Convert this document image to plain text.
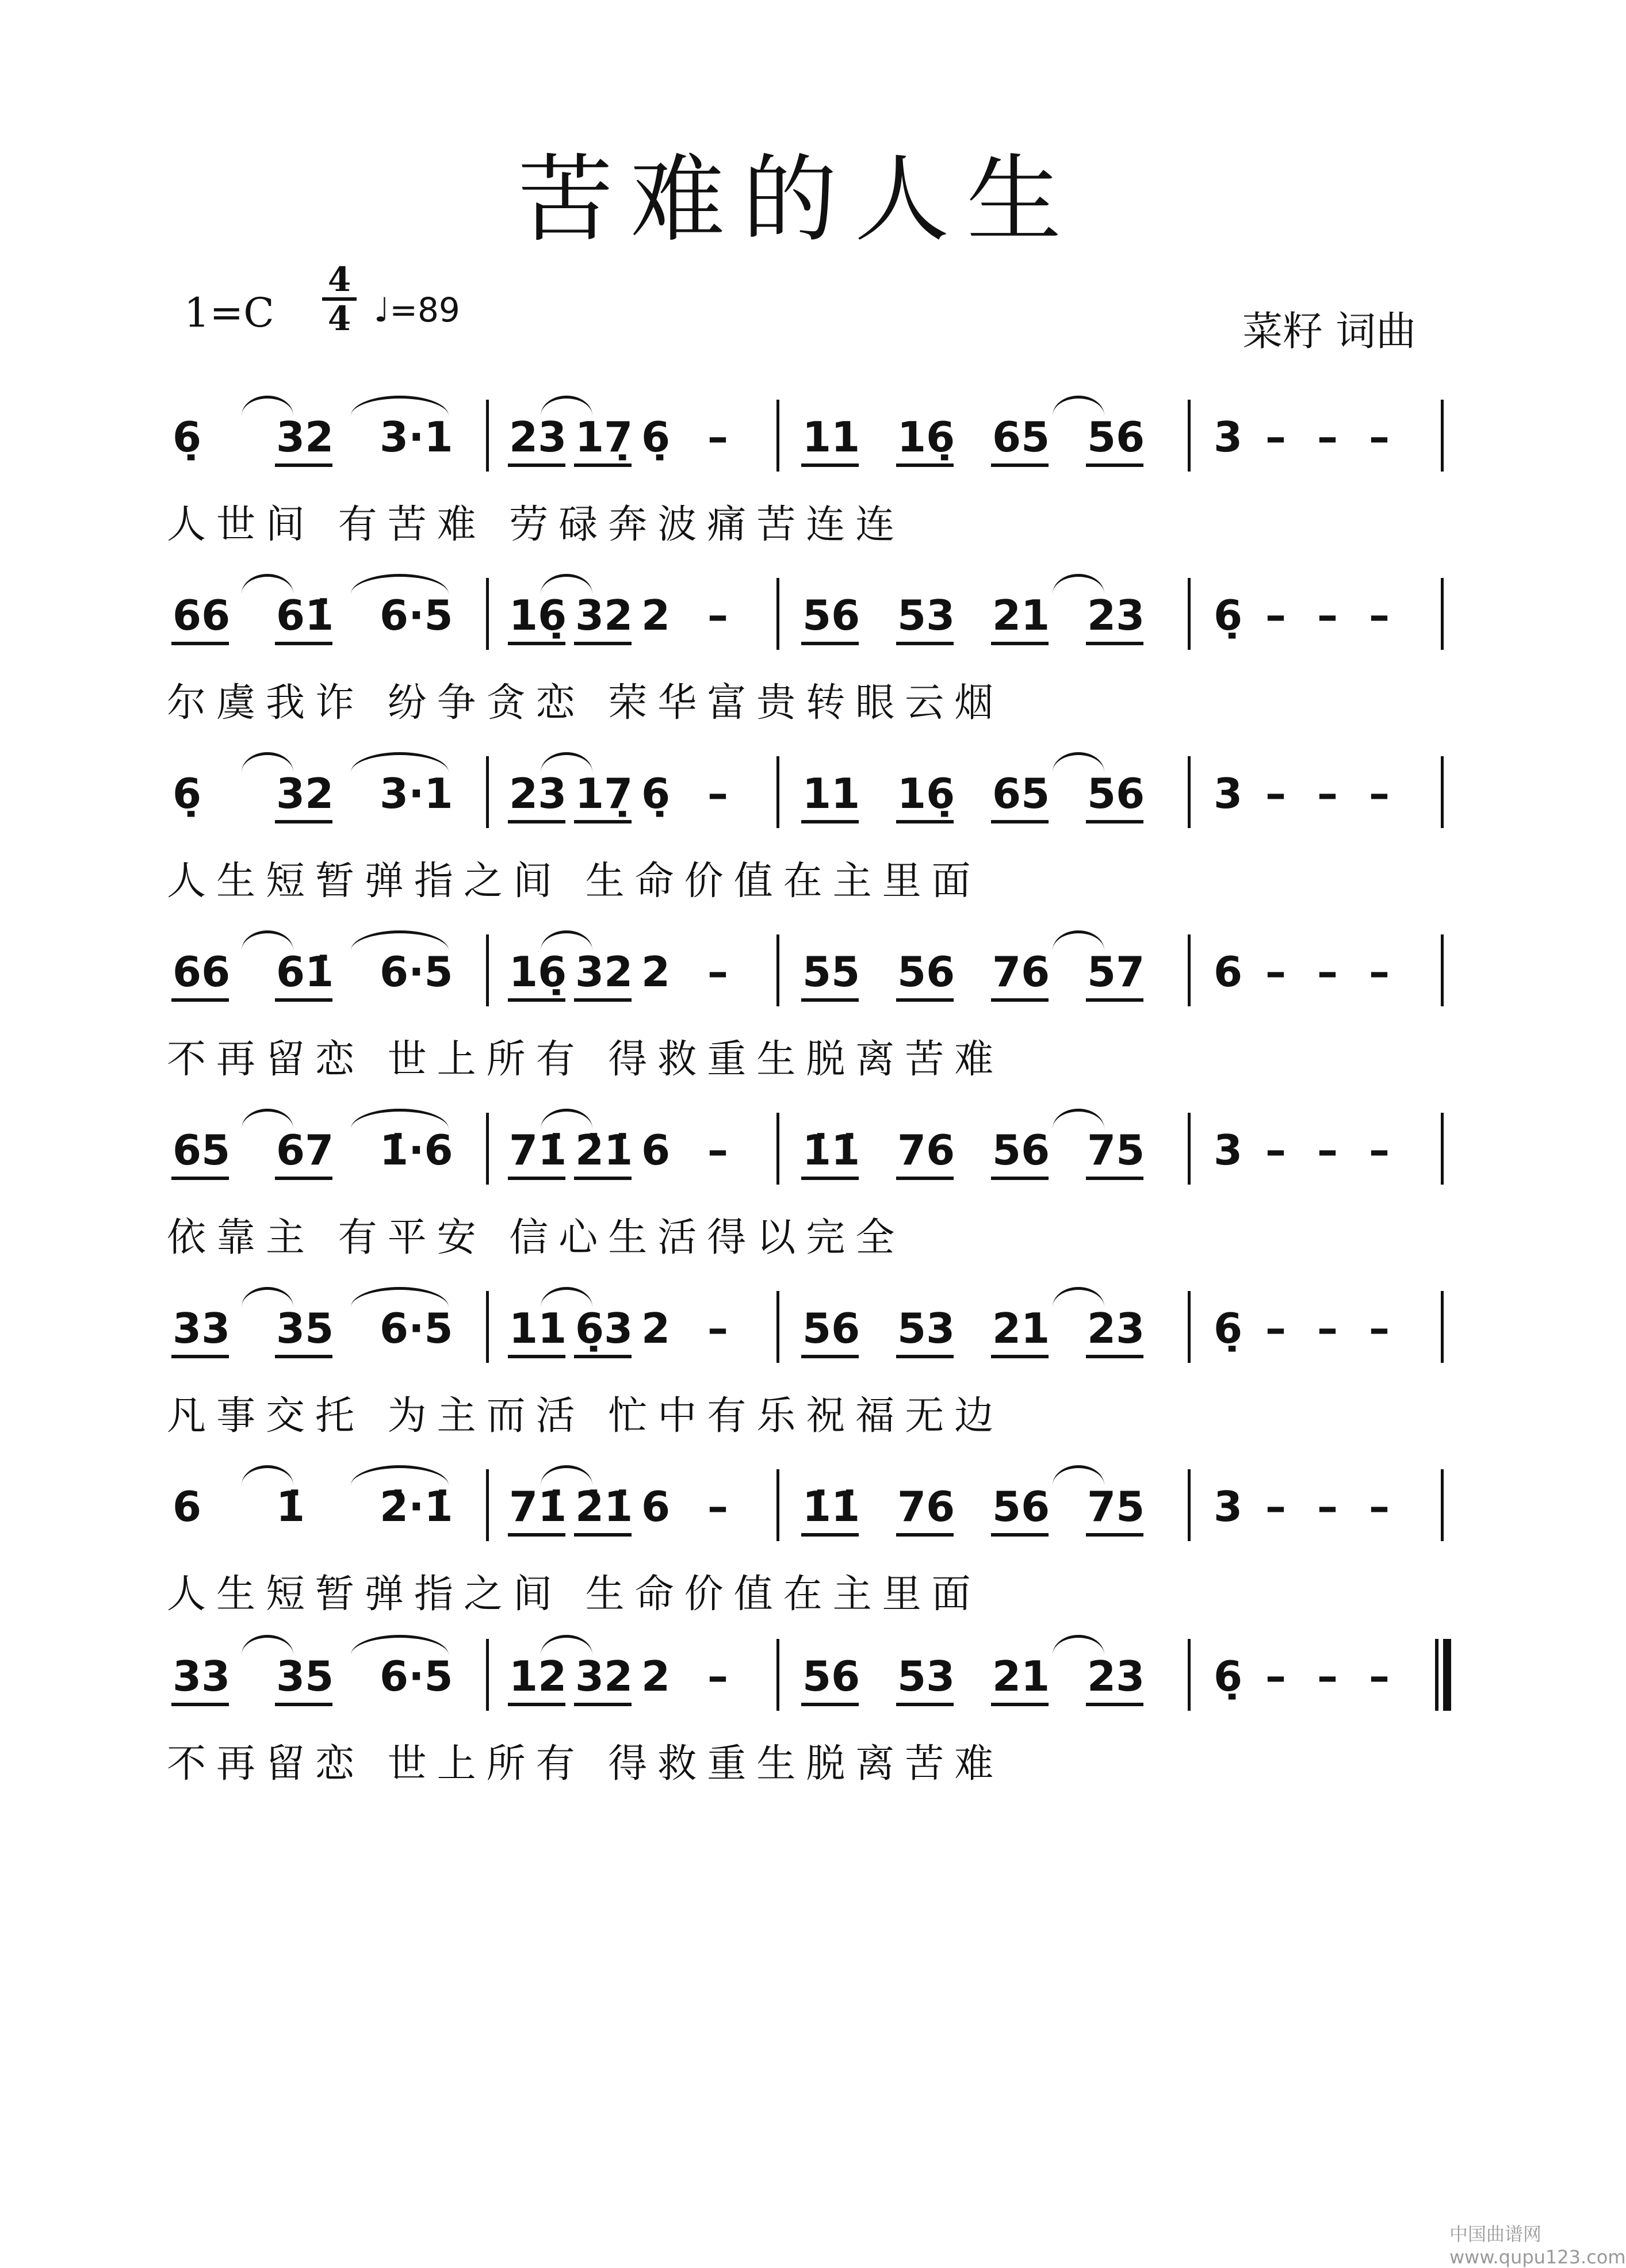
苦难的人生
1=C
4
4 ♩=89	菜籽 词曲
6̣ 32 3·1 23 17̣ 6̣ – 11 16̣ 65 56 3 – – –
人世间 有苦难 劳碌奔波痛苦连连
66 61̇ 6·5 16̣ 32 2 – 56 53 21 23 6̣ – – –
尔虞我诈 纷争贪恋 荣华富贵转眼云烟
6̣ 32 3·1 23 17̣ 6̣ – 11 16̣ 65 56 3 – – –
人生短暂弹指之间 生命价值在主里面
66 61̇ 6·5 16̣ 32 2 – 55 56 76 57 6 – – –
不再留恋 世上所有 得救重生脱离苦难
65 67 1̇·6 71̇ 2̇1̇ 6 – 1̇1̇ 76 56 75 3 – – –
依靠主 有平安 信心生活得以完全
33 35 6·5 11 6̣3 2 – 56 53 21 23 6̣ – – –
凡事交托 为主而活 忙中有乐祝福无边
6 1̇ 2̇·1̇ 71̇ 2̇1̇ 6 – 1̇1̇ 76 56 75 3 – – –
人生短暂弹指之间 生命价值在主里面
33 35 6·5 12 32 2 – 56 53 21 23 6̣ – – –
不再留恋 世上所有 得救重生脱离苦难
中国曲谱网 www.qupu123.com
